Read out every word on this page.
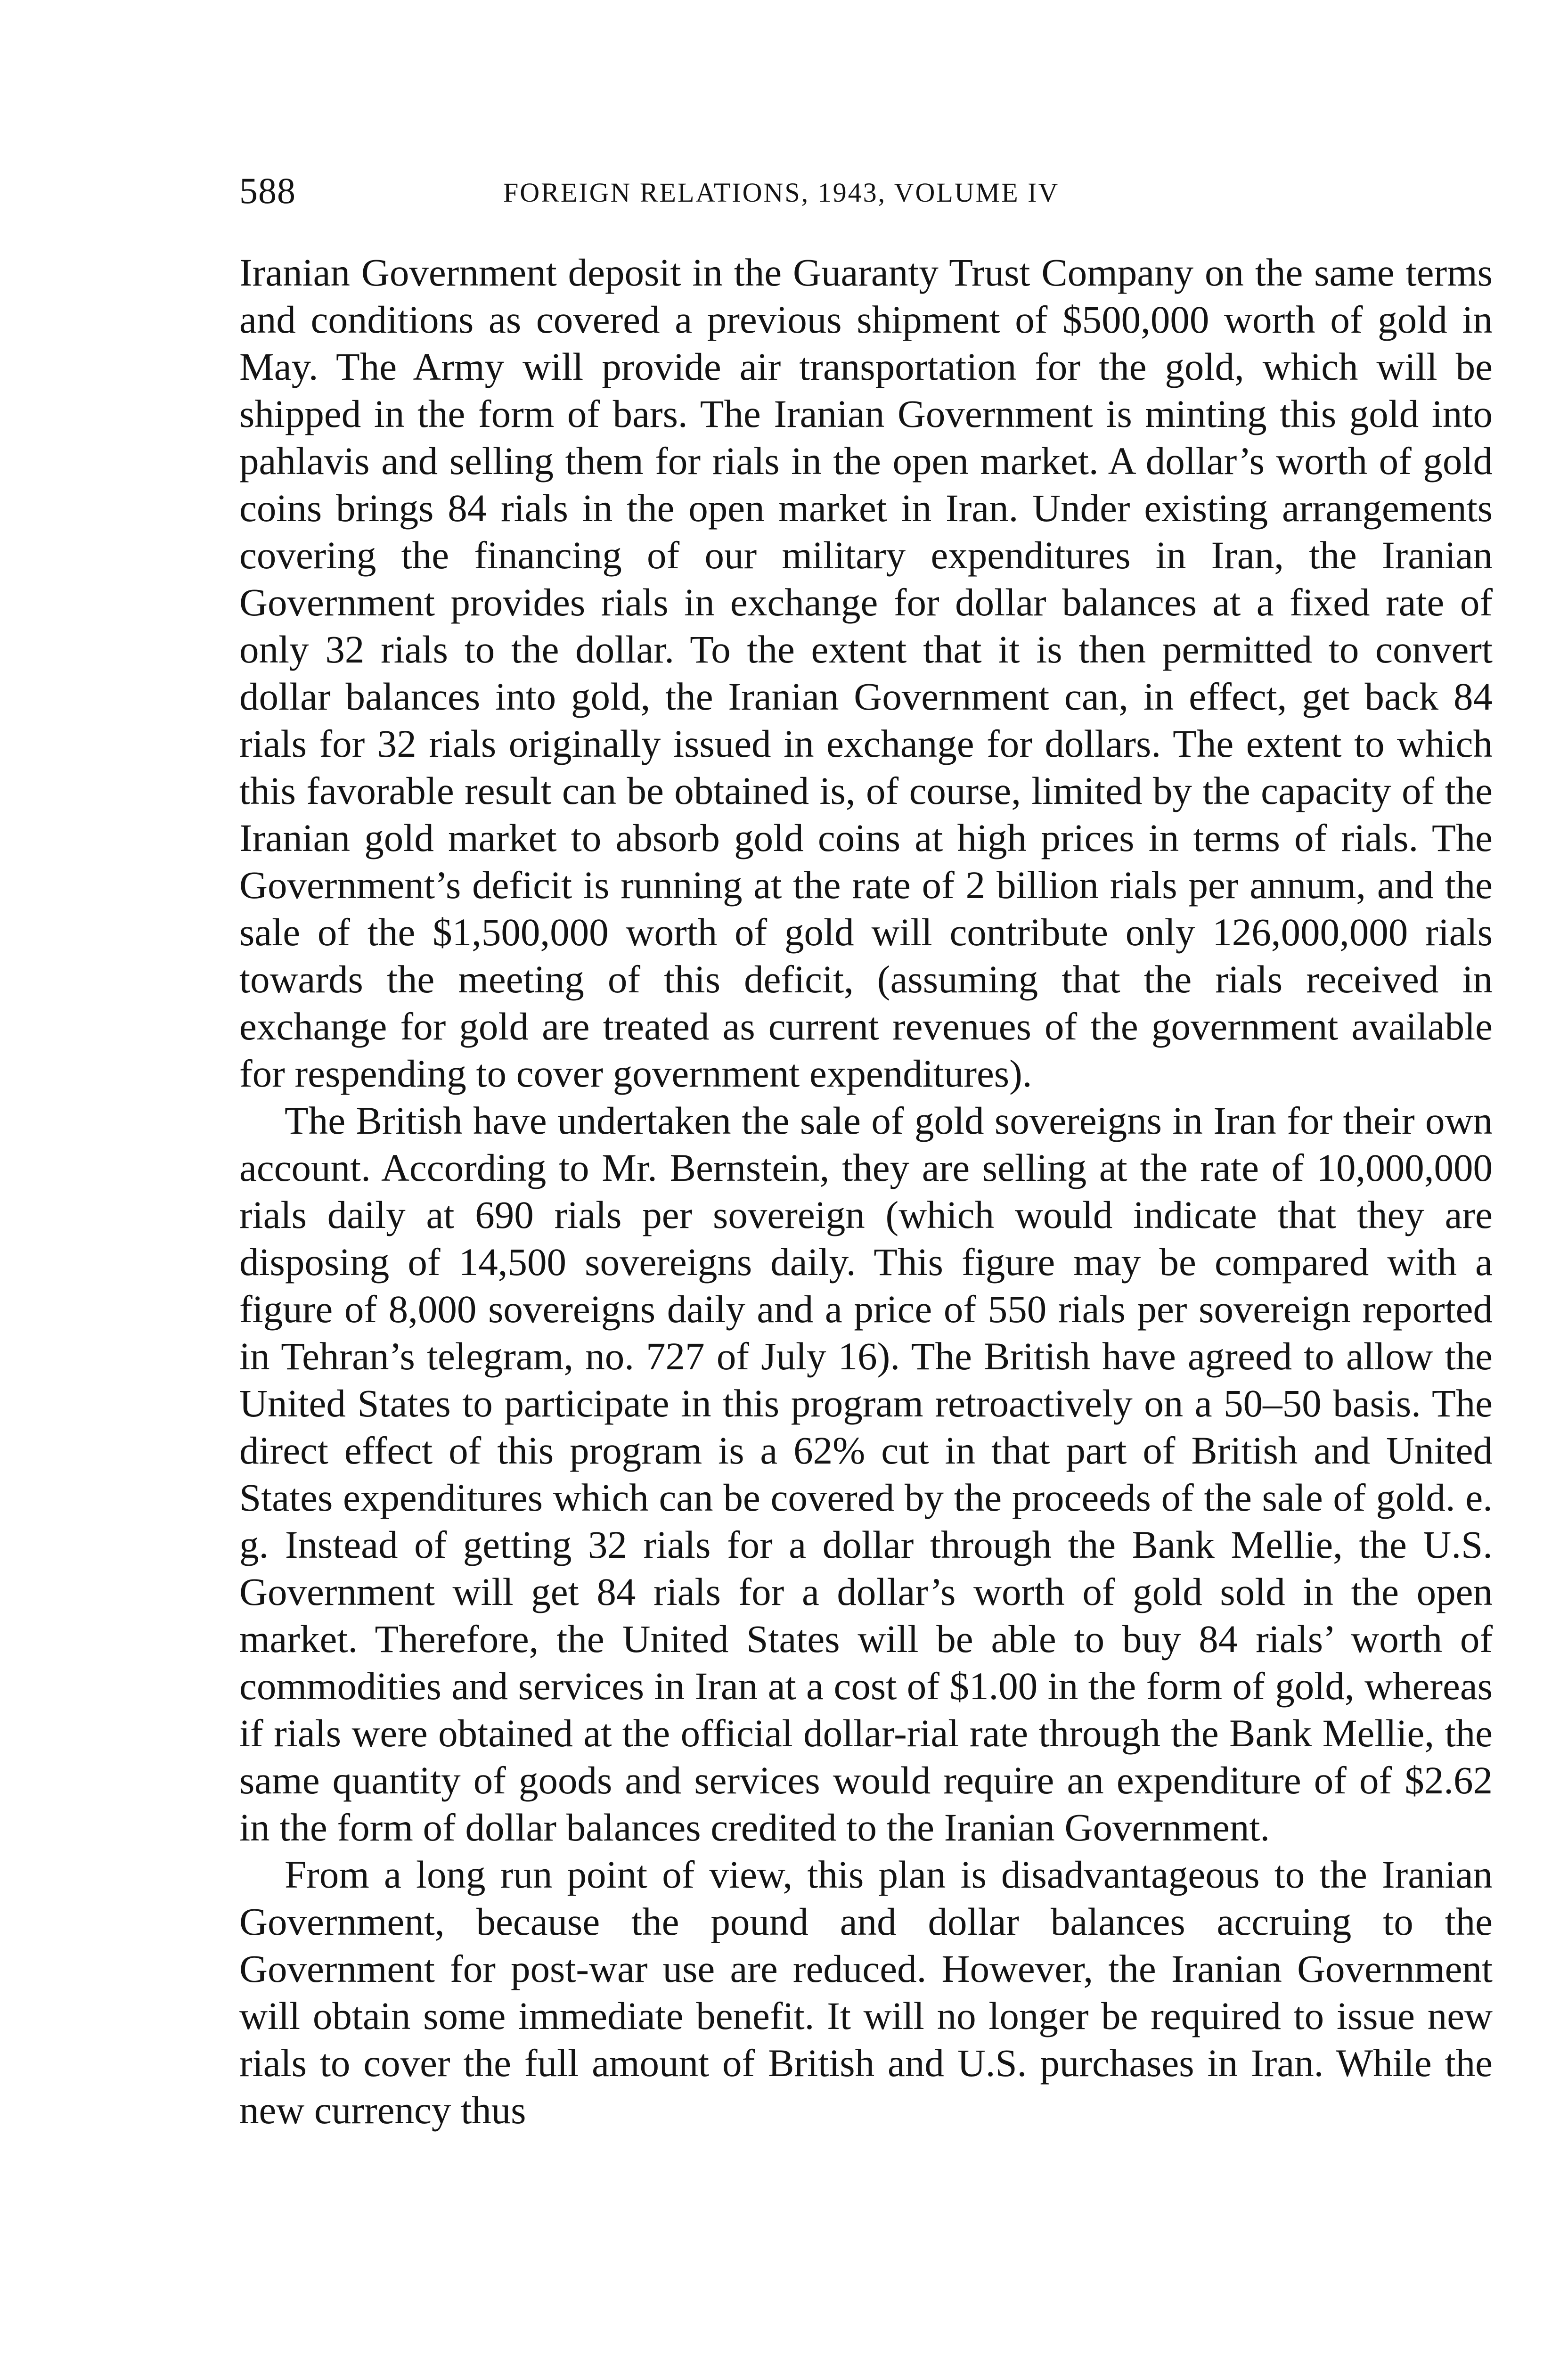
588	FOREIGN RELATIONS, 1943, VOLUME IV

Iranian Government deposit in the Guaranty Trust Company on the same terms and conditions as covered a previous shipment of $500,000 worth of gold in May. The Army will provide air transportation for the gold, which will be shipped in the form of bars. The Iranian Government is minting this gold into pahlavis and selling them for rials in the open market. A dollar’s worth of gold coins brings 84 rials in the open market in Iran. Under existing arrangements covering the financing of our military expenditures in Iran, the Iranian Government provides rials in exchange for dollar balances at a fixed rate of only 32 rials to the dollar. To the extent that it is then permitted to convert dollar balances into gold, the Iranian Government can, in effect, get back 84 rials for 32 rials originally issued in exchange for dollars. The extent to which this favorable result can be obtained is, of course, limited by the capacity of the Iranian gold market to absorb gold coins at high prices in terms of rials. The Government’s deficit is running at the rate of 2 billion rials per annum, and the sale of the $1,500,000 worth of gold will contribute only 126,000,000 rials towards the meeting of this deficit, (assuming that the rials received in exchange for gold are treated as current revenues of the government available for respending to cover government expenditures).

The British have undertaken the sale of gold sovereigns in Iran for their own account. According to Mr. Bernstein, they are selling at the rate of 10,000,000 rials daily at 690 rials per sovereign (which would indicate that they are disposing of 14,500 sovereigns daily. This figure may be compared with a figure of 8,000 sovereigns daily and a price of 550 rials per sovereign reported in Tehran’s telegram, no. 727 of July 16). The British have agreed to allow the United States to participate in this program retroactively on a 50–50 basis. The direct effect of this program is a 62% cut in that part of British and United States expenditures which can be covered by the proceeds of the sale of gold. e. g. Instead of getting 32 rials for a dollar through the Bank Mellie, the U.S. Government will get 84 rials for a dollar’s worth of gold sold in the open market. Therefore, the United States will be able to buy 84 rials’ worth of commodities and services in Iran at a cost of $1.00 in the form of gold, whereas if rials were obtained at the official dollar-rial rate through the Bank Mellie, the same quantity of goods and services would require an expenditure of of $2.62 in the form of dollar balances credited to the Iranian Government.

From a long run point of view, this plan is disadvantageous to the Iranian Government, because the pound and dollar balances accruing to the Government for post-war use are reduced. However, the Iranian Government will obtain some immediate benefit. It will no longer be required to issue new rials to cover the full amount of British and U.S. purchases in Iran. While the new currency thus
